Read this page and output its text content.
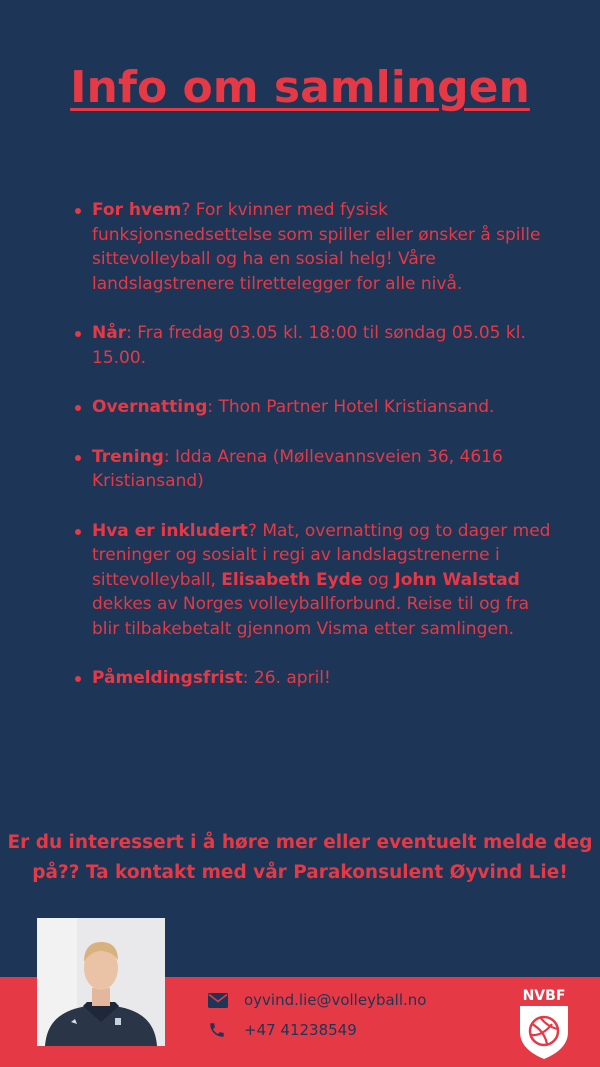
Info om samlingen
For hvem? For kvinner med fysisk funksjonsnedsettelse som spiller eller ønsker å spille sittevolleyball og ha en sosial helg! Våre landslagstrenere tilrettelegger for alle nivå.
Når: Fra fredag 03.05 kl. 18:00 til søndag 05.05 kl. 15.00.
Overnatting: Thon Partner Hotel Kristiansand.
Trening: Idda Arena (Møllevannsveien 36, 4616 Kristiansand)
Hva er inkludert? Mat, overnatting og to dager med treninger og sosialt i regi av landslagstrenerne i sittevolleyball, Elisabeth Eyde og John Walstad dekkes av Norges volleyballforbund. Reise til og fra blir tilbakebetalt gjennom Visma etter samlingen.
Påmeldingsfrist: 26. april!
Er du interessert i å høre mer eller eventuelt melde deg på?? Ta kontakt med vår Parakonsulent Øyvind Lie!
oyvind.lie@volleyball.no
+47 41238549
NVBF
